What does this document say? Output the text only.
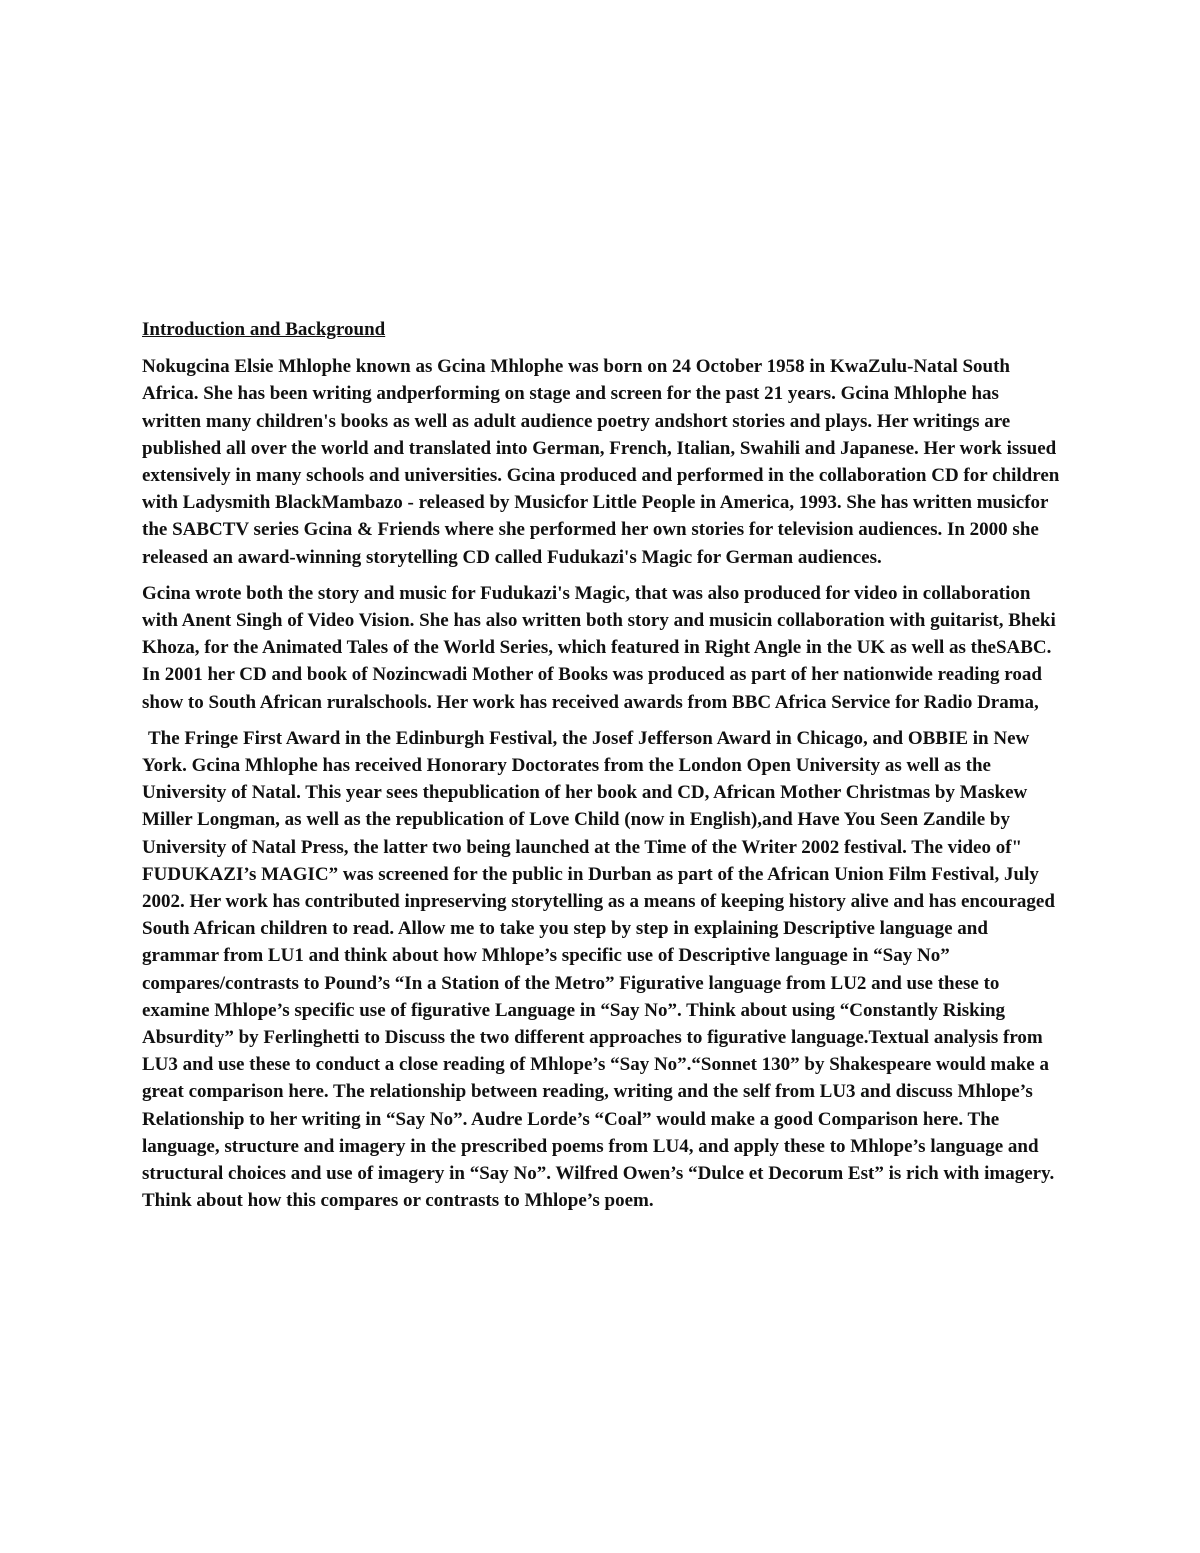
Introduction and Background

Nokugcina Elsie Mhlophe known as Gcina Mhlophe was born on 24 October 1958 in KwaZulu-Natal South Africa. She has been writing andperforming on stage and screen for the past 21 years. Gcina Mhlophe has written many children's books as well as adult audience poetry andshort stories and plays. Her writings are published all over the world and translated into German, French, Italian, Swahili and Japanese. Her work issued extensively in many schools and universities. Gcina produced and performed in the collaboration CD for children with Ladysmith BlackMambazo - released by Musicfor Little People in America, 1993. She has written musicfor the SABCTV series Gcina & Friends where she performed her own stories for television audiences. In 2000 she released an award-winning storytelling CD called Fudukazi's Magic for German audiences.

Gcina wrote both the story and music for Fudukazi's Magic, that was also produced for video in collaboration with Anent Singh of Video Vision. She has also written both story and musicin collaboration with guitarist, Bheki Khoza, for the Animated Tales of the World Series, which featured in Right Angle in the UK as well as theSABC. In 2001 her CD and book of Nozincwadi Mother of Books was produced as part of her nationwide reading road show to South African ruralschools. Her work has received awards from BBC Africa Service for Radio Drama,

The Fringe First Award in the Edinburgh Festival, the Josef Jefferson Award in Chicago, and OBBIE in New York. Gcina Mhlophe has received Honorary Doctorates from the London Open University as well as the University of Natal. This year sees thepublication of her book and CD, African Mother Christmas by Maskew Miller Longman, as well as the republication of Love Child (now in English),and Have You Seen Zandile by University of Natal Press, the latter two being launched at the Time of the Writer 2002 festival. The video of" FUDUKAZI’s MAGIC” was screened for the public in Durban as part of the African Union Film Festival, July 2002. Her work has contributed inpreserving storytelling as a means of keeping history alive and has encouraged South African children to read. Allow me to take you step by step in explaining Descriptive language and grammar from LU1 and think about how Mhlope’s specific use of Descriptive language in “Say No” compares/contrasts to Pound’s “In a Station of the Metro” Figurative language from LU2 and use these to examine Mhlope’s specific use of figurative Language in “Say No”. Think about using “Constantly Risking Absurdity” by Ferlinghetti to Discuss the two different approaches to figurative language.Textual analysis from LU3 and use these to conduct a close reading of Mhlope’s “Say No”.“Sonnet 130” by Shakespeare would make a great comparison here. The relationship between reading, writing and the self from LU3 and discuss Mhlope’s Relationship to her writing in “Say No”. Audre Lorde’s “Coal” would make a good Comparison here. The language, structure and imagery in the prescribed poems from LU4, and apply these to Mhlope’s language and structural choices and use of imagery in “Say No”. Wilfred Owen’s “Dulce et Decorum Est” is rich with imagery. Think about how this compares or contrasts to Mhlope’s poem.
